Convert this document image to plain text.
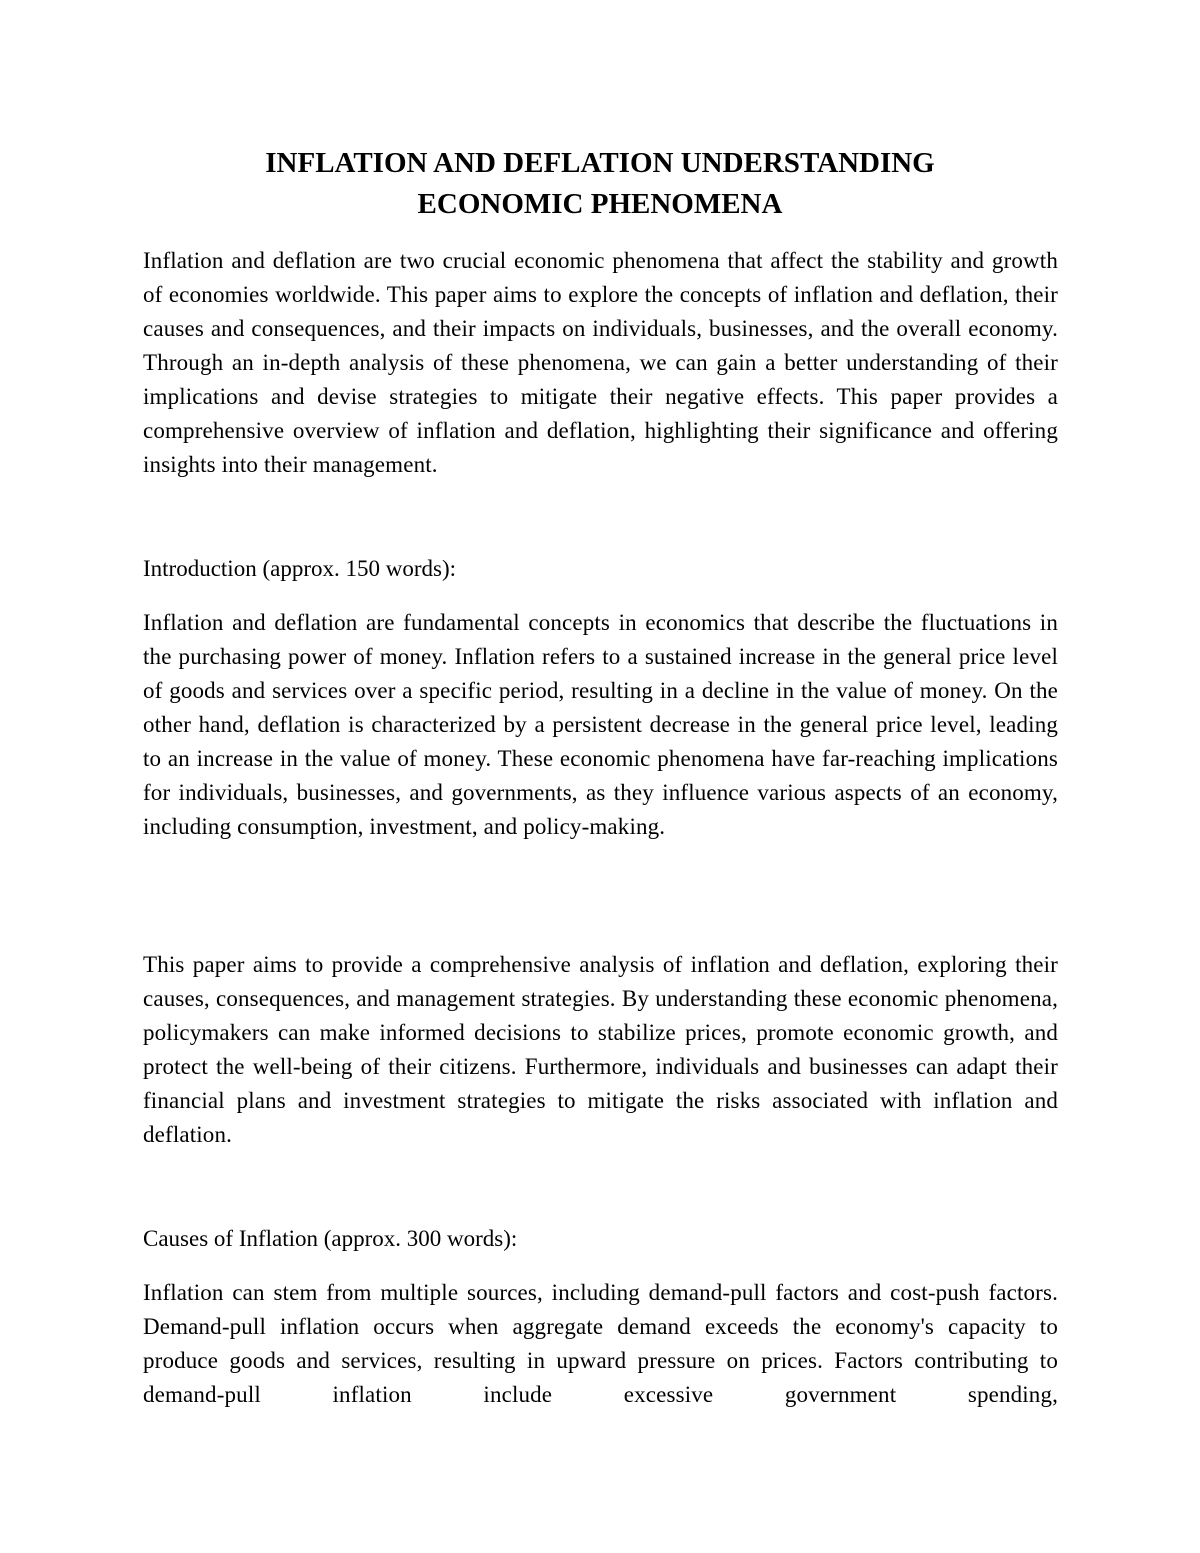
INFLATION AND DEFLATION UNDERSTANDING
ECONOMIC PHENOMENA

Inflation and deflation are two crucial economic phenomena that affect the stability and growth of economies worldwide. This paper aims to explore the concepts of inflation and deflation, their causes and consequences, and their impacts on individuals, businesses, and the overall economy. Through an in-depth analysis of these phenomena, we can gain a better understanding of their implications and devise strategies to mitigate their negative effects. This paper provides a comprehensive overview of inflation and deflation, highlighting their significance and offering insights into their management.

Introduction (approx. 150 words):

Inflation and deflation are fundamental concepts in economics that describe the fluctuations in the purchasing power of money. Inflation refers to a sustained increase in the general price level of goods and services over a specific period, resulting in a decline in the value of money. On the other hand, deflation is characterized by a persistent decrease in the general price level, leading to an increase in the value of money. These economic phenomena have far-reaching implications for individuals, businesses, and governments, as they influence various aspects of an economy, including consumption, investment, and policy-making.

This paper aims to provide a comprehensive analysis of inflation and deflation, exploring their causes, consequences, and management strategies. By understanding these economic phenomena, policymakers can make informed decisions to stabilize prices, promote economic growth, and protect the well-being of their citizens. Furthermore, individuals and businesses can adapt their financial plans and investment strategies to mitigate the risks associated with inflation and deflation.

Causes of Inflation (approx. 300 words):

Inflation can stem from multiple sources, including demand-pull factors and cost-push factors. Demand-pull inflation occurs when aggregate demand exceeds the economy's capacity to produce goods and services, resulting in upward pressure on prices. Factors contributing to demand-pull inflation include excessive government spending,
